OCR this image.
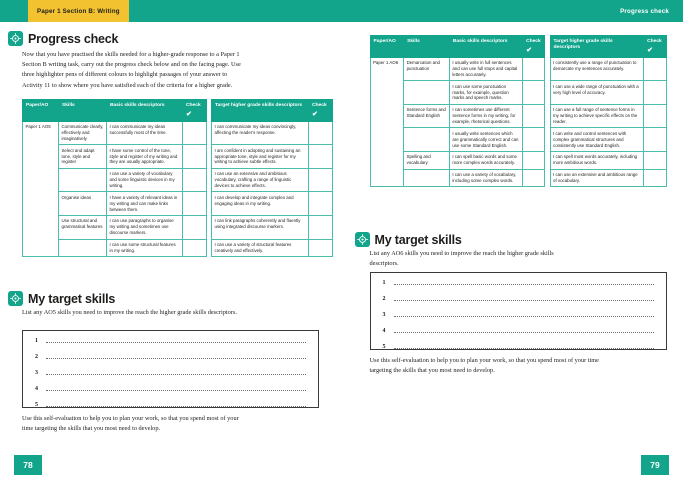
Paper 1 Section B: Writing
Progress check

Now that you have practised the skills needed for a higher-grade response to a Paper 1 Section B writing task, carry out the progress check below and on the facing page. Use three highlighter pens of different colours to highlight passages of your answer to Activity 11 to show where you have satisfied each of the criteria for a higher grade.

Paper/AO	Skills	Basic skills descriptors	Check
✔		Target higher grade skills descriptors	Check
✔

Paper 1 AO5	Communicate clearly, effectively and imaginatively	I can communicate my ideas successfully most of the time.			I can communicate my ideas convincingly, affecting the reader's response.	
	Select and adapt tone, style and register	I have some control of the tone, style and register of my writing and they are usually appropriate.			I am confident in adopting and sustaining an appropriate tone, style and register for my writing to achieve subtle effects.	
		I can use a variety of vocabulary and some linguistic devices in my writing.			I can use an extensive and ambitious vocabulary, crafting a range of linguistic devices to achieve effects.	
	Organise ideas	I have a variety of relevant ideas in my writing and can make links between them.			I can develop and integrate complex and engaging ideas in my writing.	
	Use structural and grammatical features	I can use paragraphs to organise my writing and sometimes use discourse markers.			I can link paragraphs coherently and fluently using integrated discourse markers.	
		I can use some structural features in my writing.			I can use a variety of structural features creatively and effectively.	
My target skills

List any AO5 skills you need to improve the reach the higher grade skills descriptors.

1
2
3
4
5

Use this self-evaluation to help you to plan your work, so that you spend most of your time targeting the skills that you most need to develop.

78
Progress check
Paper/AO	Skills	Basic skills descriptors	Check
✔		Target higher grade skills descriptors	Check
✔

Paper 1 AO6	Demarcation and punctuation	I usually write in full sentences and can use full stops and capital letters accurately.			I consistently use a range of punctuation to demarcate my sentences accurately.	
		I can use some punctuation marks, for example, question marks and speech marks.			I can use a wide range of punctuation with a very high level of accuracy.	
	Sentence forms and Standard English	I can sometimes use different sentence forms in my writing, for example, rhetorical questions.			I can use a full range of sentence forms in my writing to achieve specific effects on the reader.	
		I usually write sentences which are grammatically correct and can use some Standard English.			I can write and control sentences with complex grammatical structures and consistently use Standard English.	
	Spelling and vocabulary	I can spell basic words and some more complex words accurately.			I can spell most words accurately, including more ambitious words.	
		I can use a variety of vocabulary, including some complex words.			I can use an extensive and ambitious range of vocabulary.	
My target skills

List any AO6 skills you need to improve the reach the higher grade skills descriptors.

1
2
3
4
5

Use this self-evaluation to help you to plan your work, so that you spend most of your time targeting the skills that you most need to develop.

79
